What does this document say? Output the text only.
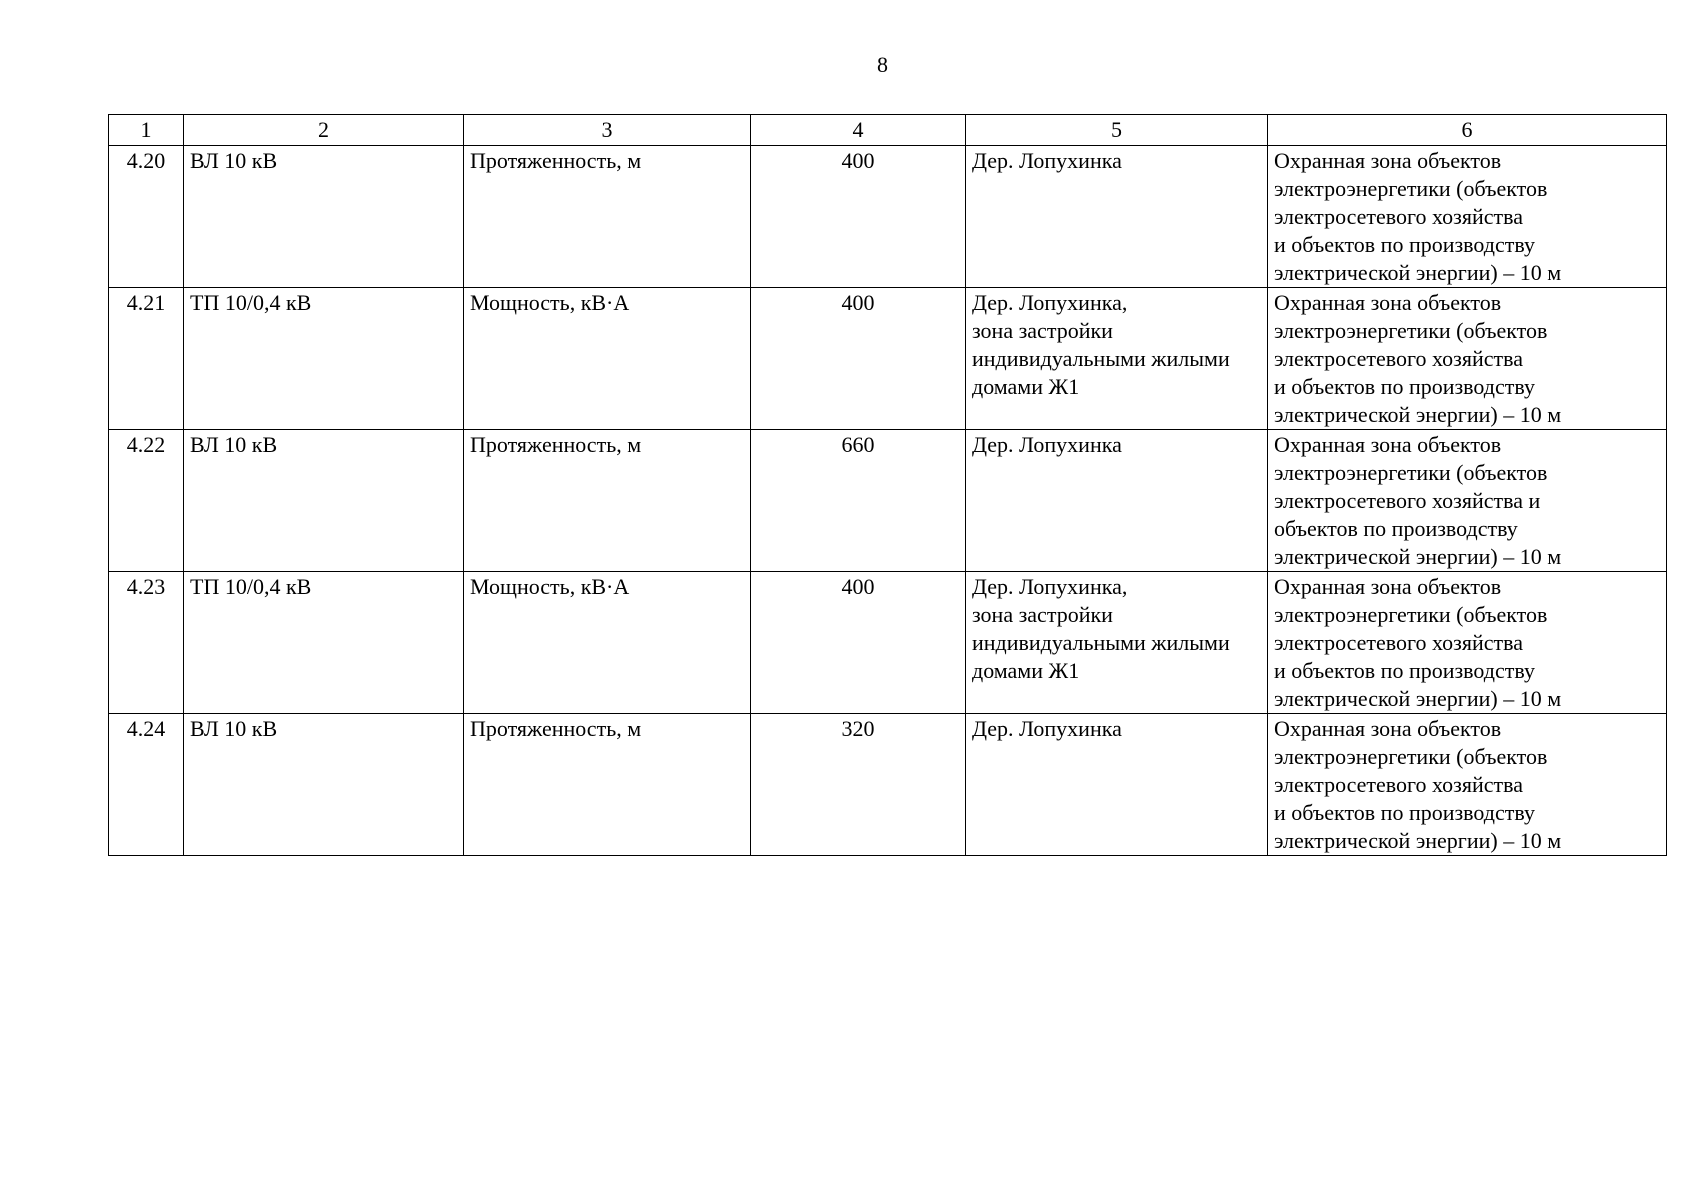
8
1	2	3	4	5	6
4.20	ВЛ 10 кВ	Протяженность, м	400	Дер. Лопухинка	Охранная зона объектов
электроэнергетики (объектов
электросетевого хозяйства
и объектов по производству
электрической энергии) – 10 м
4.21	ТП 10/0,4 кВ	Мощность, кВ·А	400	Дер. Лопухинка,
зона застройки
индивидуальными жилыми
домами Ж1	Охранная зона объектов
электроэнергетики (объектов
электросетевого хозяйства
и объектов по производству
электрической энергии) – 10 м
4.22	ВЛ 10 кВ	Протяженность, м	660	Дер. Лопухинка	Охранная зона объектов
электроэнергетики (объектов
электросетевого хозяйства и
объектов по производству
электрической энергии) – 10 м
4.23	ТП 10/0,4 кВ	Мощность, кВ·А	400	Дер. Лопухинка,
зона застройки
индивидуальными жилыми
домами Ж1	Охранная зона объектов
электроэнергетики (объектов
электросетевого хозяйства
и объектов по производству
электрической энергии) – 10 м
4.24	ВЛ 10 кВ	Протяженность, м	320	Дер. Лопухинка	Охранная зона объектов
электроэнергетики (объектов
электросетевого хозяйства
и объектов по производству
электрической энергии) – 10 м
